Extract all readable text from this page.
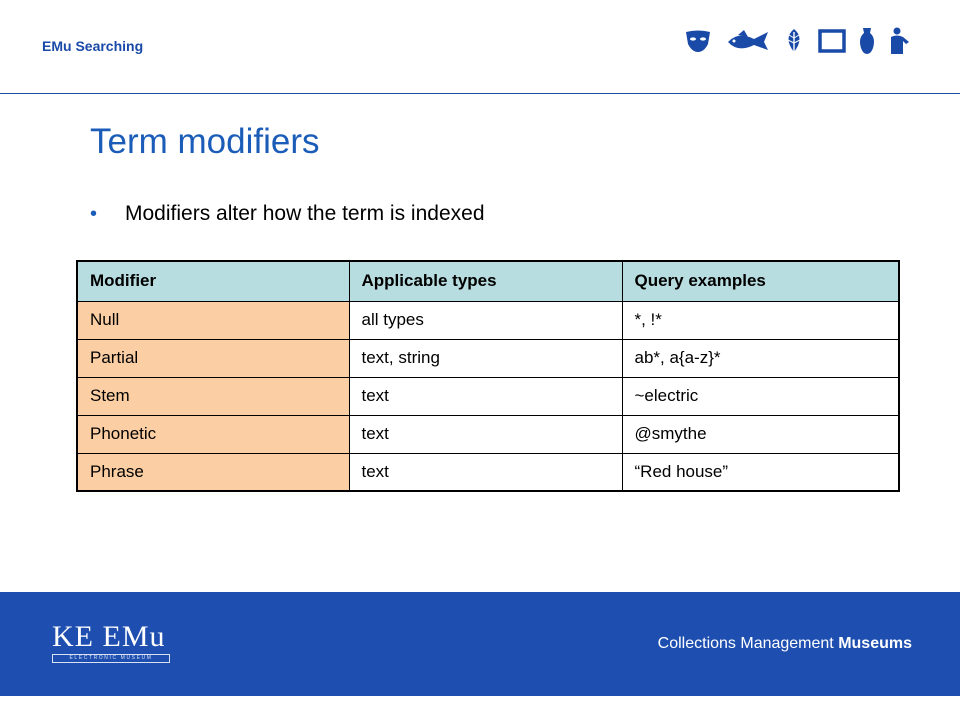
EMu Searching
Term modifiers
•	Modifiers alter how the term is indexed
Modifier	Applicable types	Query examples
Null	all types	*, !*
Partial	text, string	ab*, a{a-z}*
Stem	text	~electric
Phonetic	text	@smythe
Phrase	text	“Red house”
KE EMu
ELECTRONIC MUSEUM
Collections Management Museums
